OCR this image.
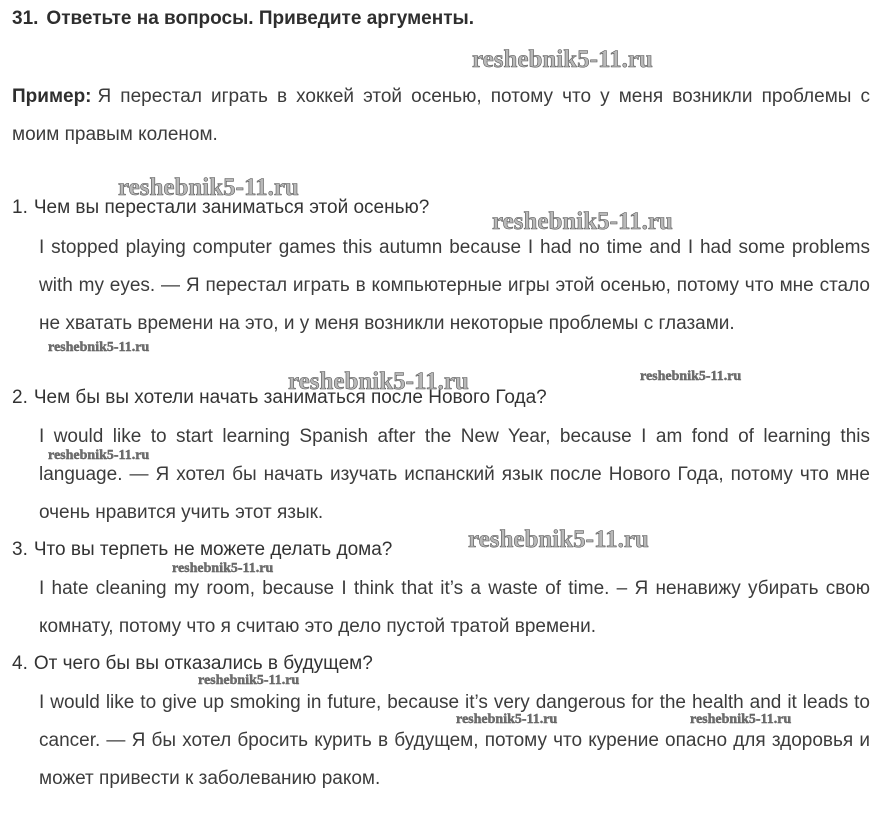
31. Ответьте на вопросы. Приведите аргументы.
Пример: Я перестал играть в хоккей этой осенью, потому что у меня возникли проблемы с моим правым коленом.
1. Чем вы перестали заниматься этой осенью?
I stopped playing computer games this autumn because I had no time and I had some problems with my eyes. — Я перестал играть в компьютерные игры этой осенью, потому что мне стало не хватать времени на это, и у меня возникли некоторые проблемы с глазами.
2. Чем бы вы хотели начать заниматься после Нового Года?
I would like to start learning Spanish after the New Year, because I am fond of learning this language. — Я хотел бы начать изучать испанский язык после Нового Года, потому что мне очень нравится учить этот язык.
3. Что вы терпеть не можете делать дома?
I hate cleaning my room, because I think that it’s a waste of time. – Я ненавижу убирать свою комнату, потому что я считаю это дело пустой тратой времени.
4. От чего бы вы отказались в будущем?
I would like to give up smoking in future, because it’s very dangerous for the health and it leads to cancer. — Я бы хотел бросить курить в будущем, потому что курение опасно для здоровья и может привести к заболеванию раком.
reshebnik5-11.ru
reshebnik5-11.ru
reshebnik5-11.ru
reshebnik5-11.ru
reshebnik5-11.ru	reshebnik5-11.ru
reshebnik5-11.ru
reshebnik5-11.ru
reshebnik5-11.ru
reshebnik5-11.ru
reshebnik5-11.ru	reshebnik5-11.ru
